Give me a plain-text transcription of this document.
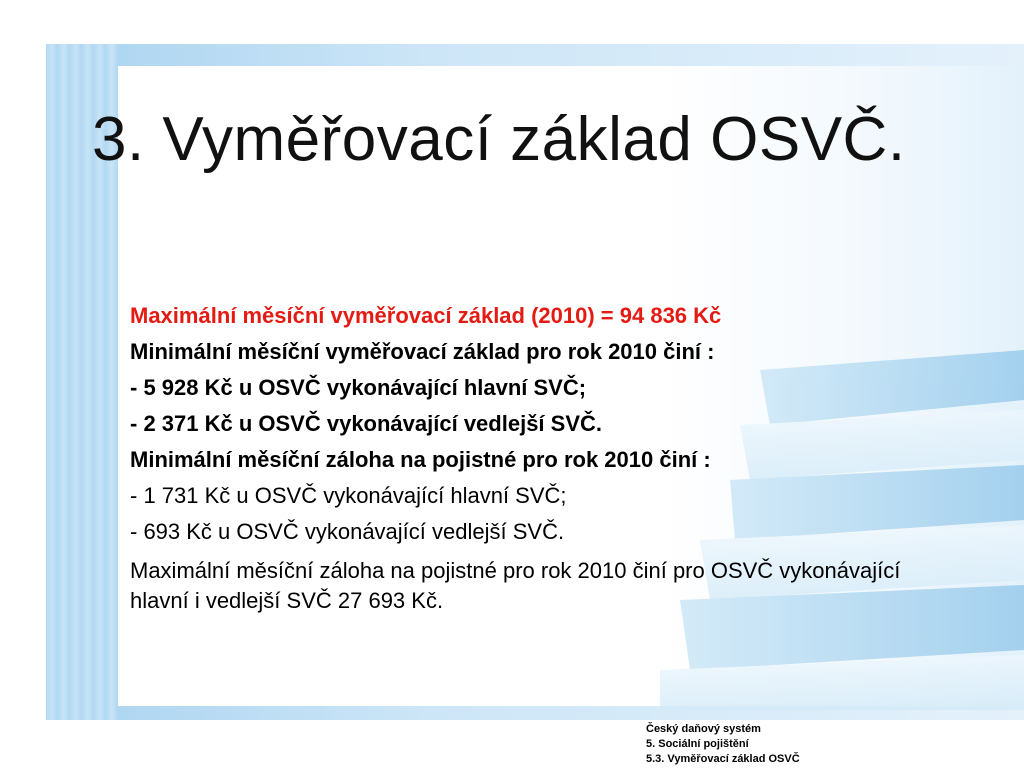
3. Vyměřovací základ OSVČ.

Maximální měsíční vyměřovací základ (2010) = 94 836 Kč

Minimální měsíční vyměřovací základ pro rok 2010 činí :

- 5 928 Kč u OSVČ vykonávající hlavní SVČ;

- 2 371 Kč u OSVČ vykonávající vedlejší SVČ.

Minimální měsíční záloha na pojistné pro rok 2010 činí :

- 1 731 Kč u OSVČ vykonávající hlavní SVČ;

- 693 Kč u OSVČ vykonávající vedlejší SVČ.

Maximální měsíční záloha na pojistné pro rok 2010 činí pro OSVČ vykonávající hlavní i vedlejší SVČ 27 693 Kč.

Český daňový systém
5. Sociální pojištění
5.3. Vyměřovací základ OSVČ
